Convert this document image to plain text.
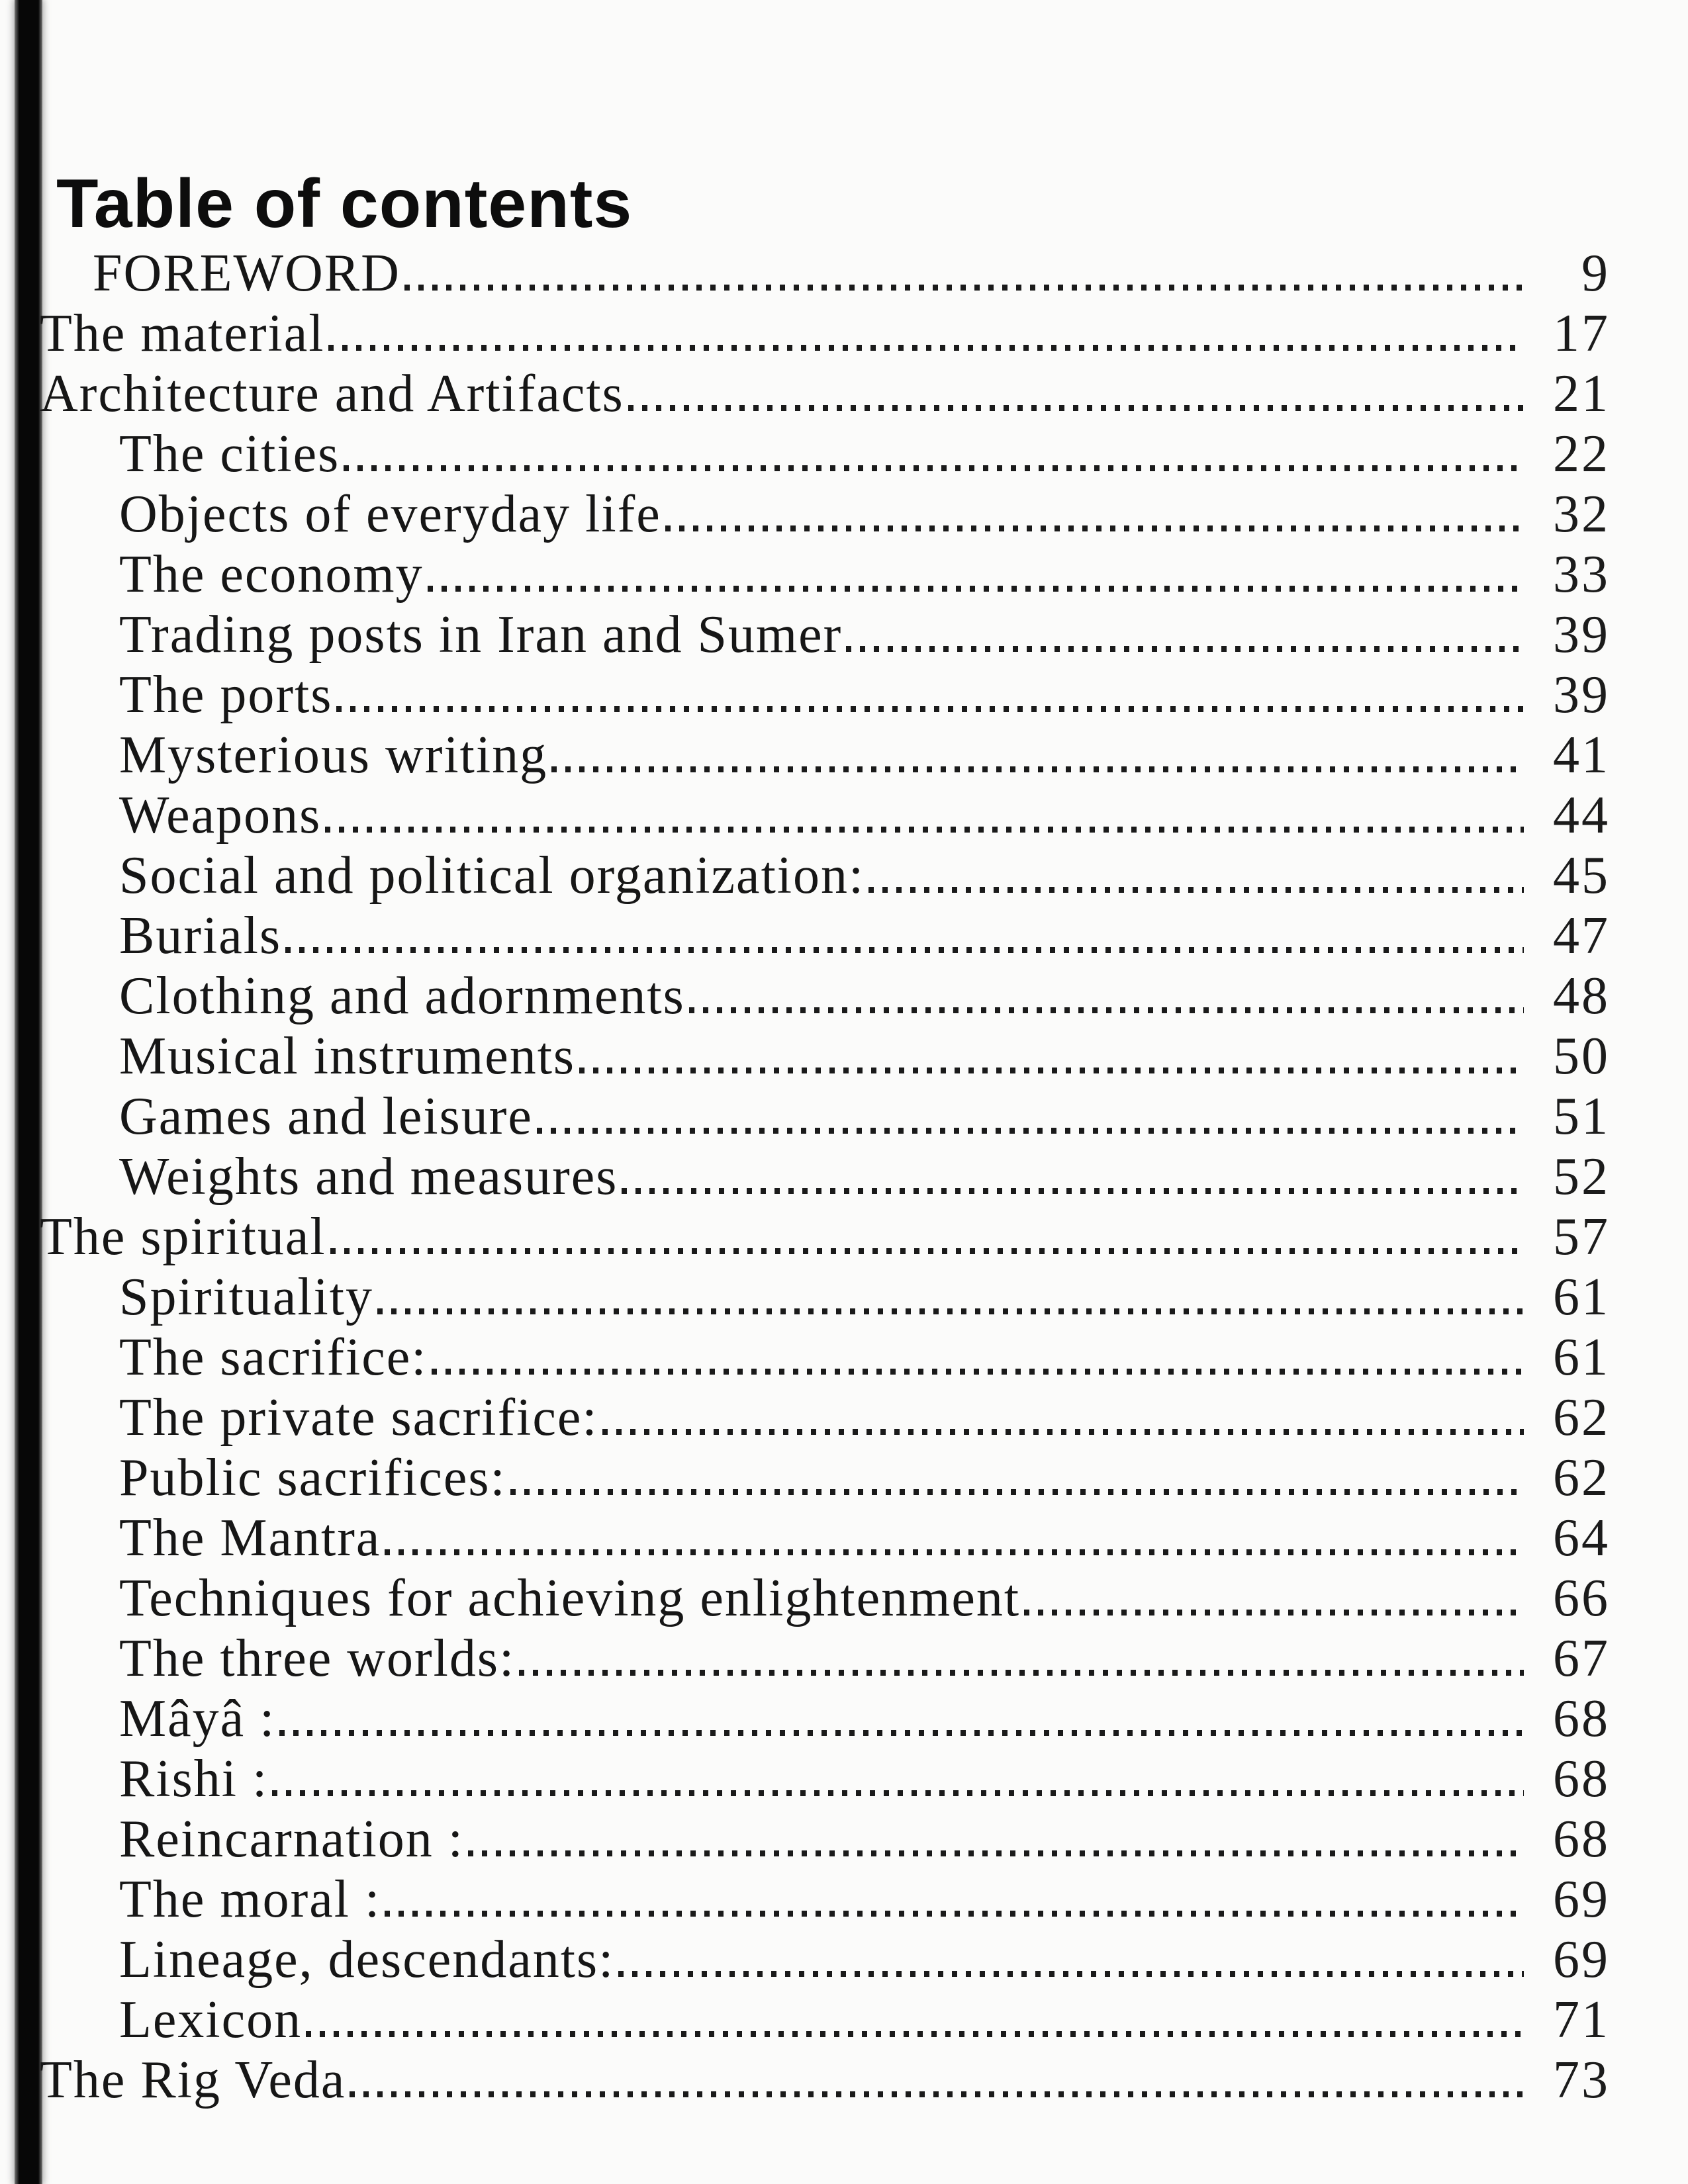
Table of contents
FOREWORD	9
The material	17
Architecture and Artifacts	21
The cities	22
Objects of everyday life	32
The economy	33
Trading posts in Iran and Sumer	39
The ports	39
Mysterious writing	41
Weapons	44
Social and political organization:	45
Burials	47
Clothing and adornments	48
Musical instruments	50
Games and leisure	51
Weights and measures	52
The spiritual	57
Spirituality	61
The sacrifice:	61
The private sacrifice:	62
Public sacrifices:	62
The Mantra	64
Techniques for achieving enlightenment	66
The three worlds:	67
Mâyâ :	68
Rishi :	68
Reincarnation :	68
The moral :	69
Lineage, descendants:	69
Lexicon	71
The Rig Veda	73
